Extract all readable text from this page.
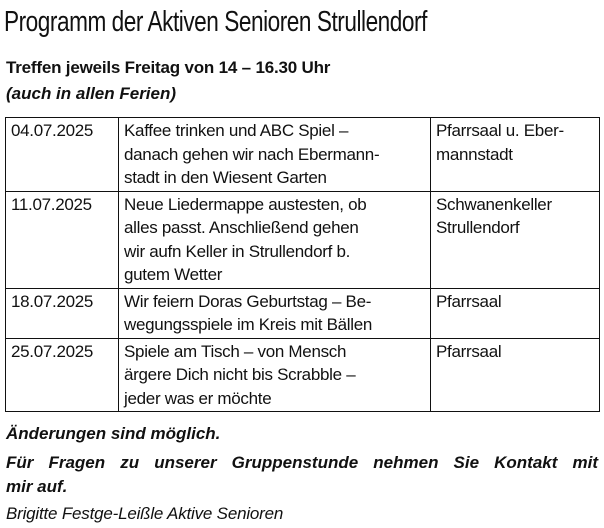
Programm der Aktiven Senioren Strullendorf
Treffen jeweils Freitag von 14 – 16.30 Uhr
(auch in allen Ferien)
04.07.2025	Kaffee trinken und ABC Spiel –
danach gehen wir nach Ebermann-
stadt in den Wiesent Garten	Pfarrsaal u. Eber-
mannstadt

11.07.2025	Neue Liedermappe austesten, ob
alles passt. Anschließend gehen
wir aufn Keller in Strullendorf b.
gutem Wetter	Schwanenkeller
Strullendorf

18.07.2025	Wir feiern Doras Geburtstag – Be-
wegungsspiele im Kreis mit Bällen	Pfarrsaal

25.07.2025	Spiele am Tisch – von Mensch
ärgere Dich nicht bis Scrabble –
jeder was er möchte	Pfarrsaal
Änderungen sind möglich.
Für Fragen zu unserer Gruppenstunde nehmen Sie Kontakt mit
mir auf.
Brigitte Festge-Leißle Aktive Senioren
